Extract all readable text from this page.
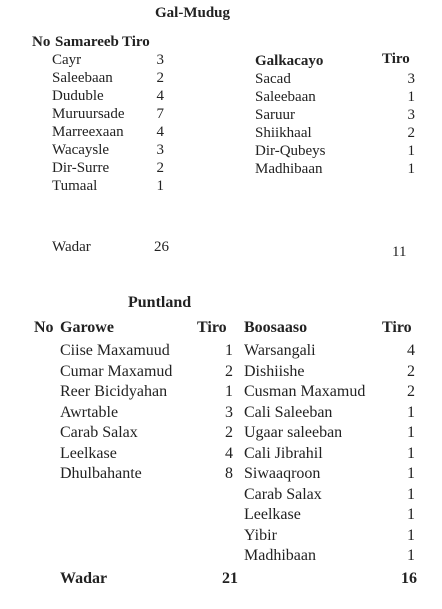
Gal-Mudug
No Samareeb Tiro
Cayr	3
Saleebaan	2
Duduble	4
Muruursade 7
Marreexaan 4
Wacaysle	3
Dir-Surre	2
Tumaal	1
Wadar	26
Galkacayo	Tiro
Sacad	3
Saleebaan	1
Saruur	3
Shiikhaal	2
Dir-Qubeys	1
Madhibaan	1
11
Puntland
No Garowe	Tiro
Ciise Maxamuud	1
Cumar Maxamud	2
Reer Bicidyahan	1
Awrtable	3
Carab Salax	2
Leelkase	4
Dhulbahante	8
Boosaaso	Tiro
Warsangali	4
Dishiishe	2
Cusman Maxamud	2
Cali Saleeban	1
Ugaar saleeban	1
Cali Jibrahil	1
Siwaaqroon	1
Carab Salax	1
Leelkase	1
Yibir	1
Madhibaan	1
Wadar	21	16
